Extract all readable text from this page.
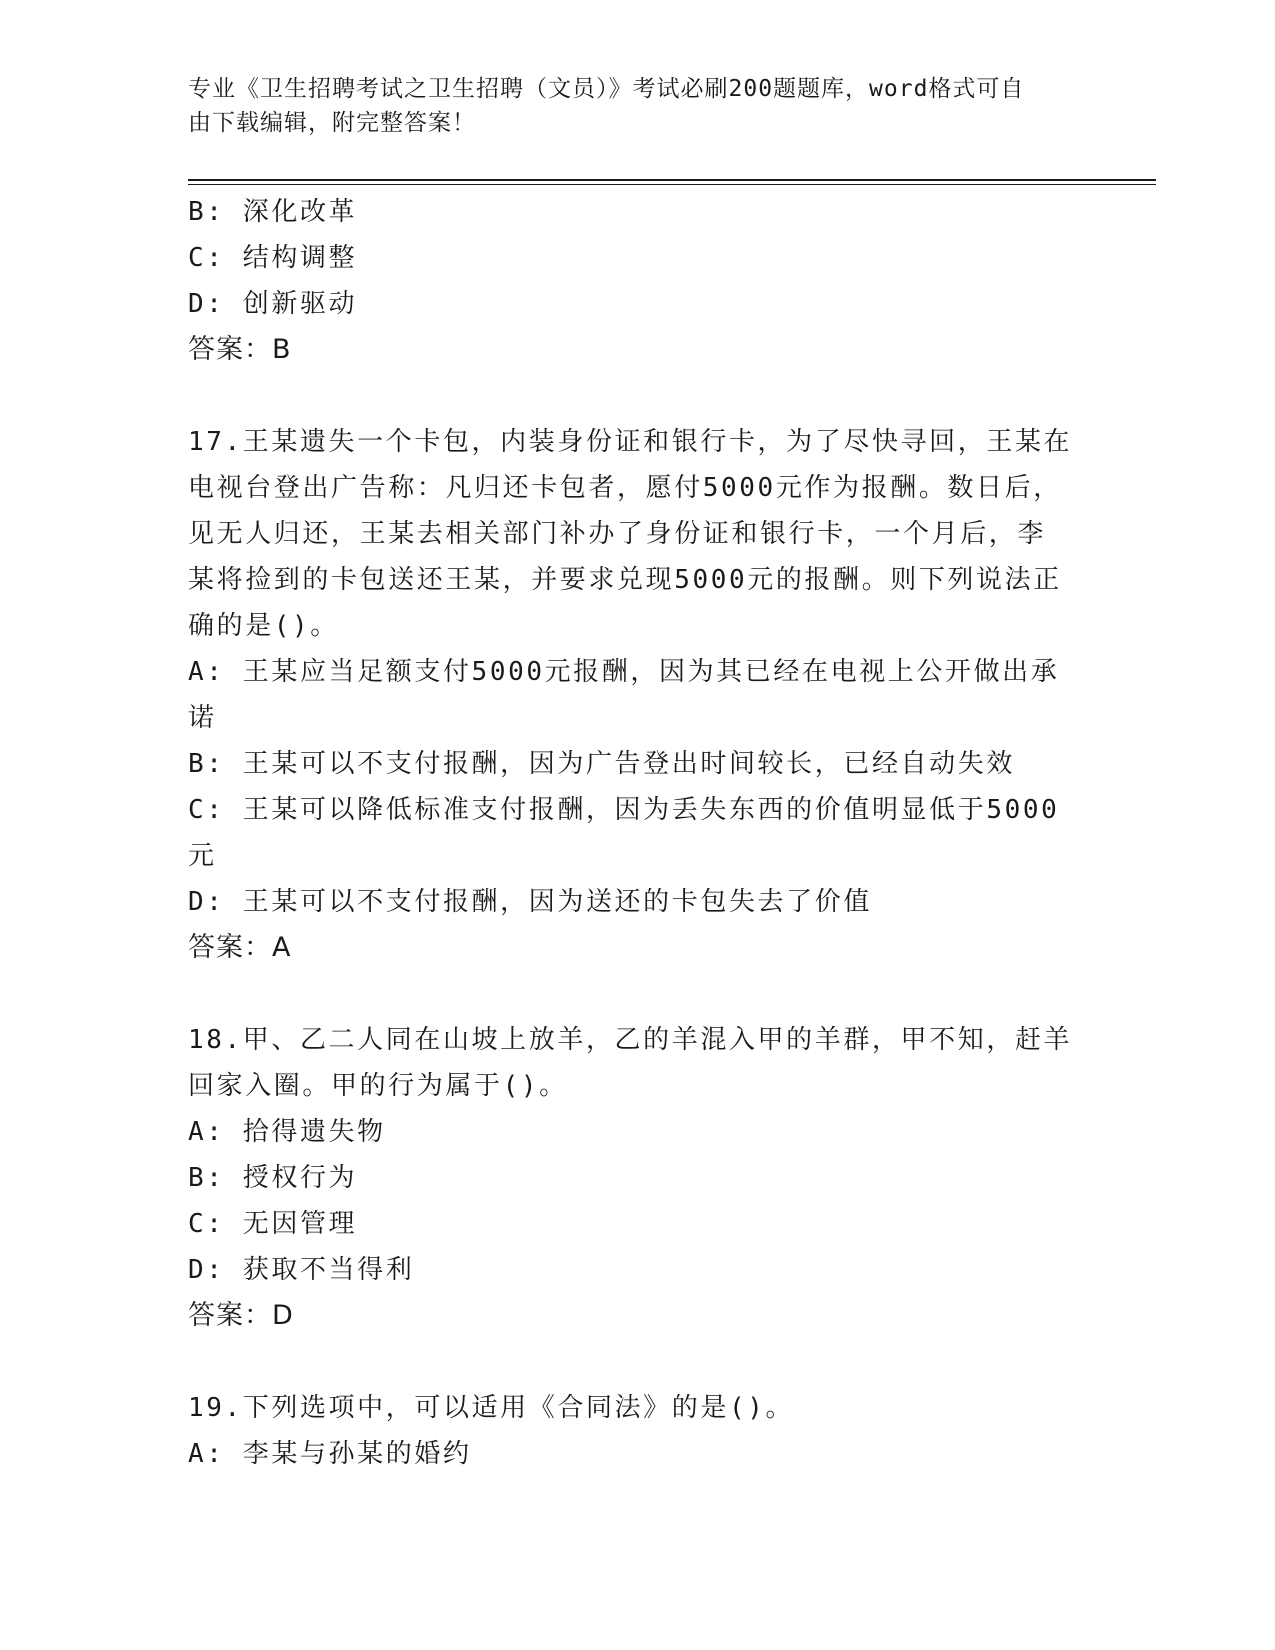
专业《卫生招聘考试之卫生招聘（文员）》考试必刷200题题库，word格式可自
由下载编辑，附完整答案！
B: 深化改革
C: 结构调整
D: 创新驱动
答案：B
17.王某遗失一个卡包，内装身份证和银行卡，为了尽快寻回，王某在
电视台登出广告称：凡归还卡包者，愿付5000元作为报酬。数日后，
见无人归还，王某去相关部门补办了身份证和银行卡，一个月后，李
某将捡到的卡包送还王某，并要求兑现5000元的报酬。则下列说法正
确的是()。
A: 王某应当足额支付5000元报酬，因为其已经在电视上公开做出承
诺
B: 王某可以不支付报酬，因为广告登出时间较长，已经自动失效
C: 王某可以降低标准支付报酬，因为丢失东西的价值明显低于5000
元
D: 王某可以不支付报酬，因为送还的卡包失去了价值
答案：A
18.甲、乙二人同在山坡上放羊，乙的羊混入甲的羊群，甲不知，赶羊
回家入圈。甲的行为属于()。
A: 拾得遗失物
B: 授权行为
C: 无因管理
D: 获取不当得利
答案：D
19.下列选项中，可以适用《合同法》的是()。
A: 李某与孙某的婚约
